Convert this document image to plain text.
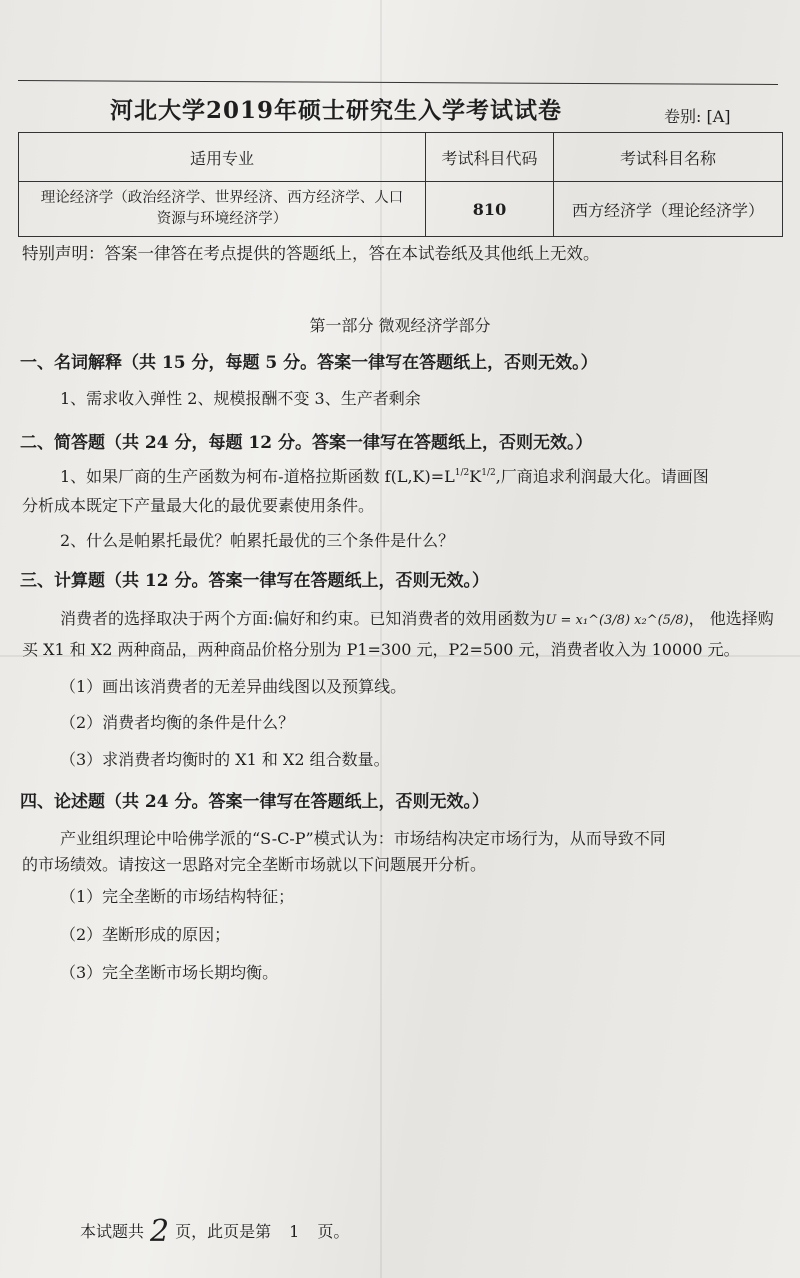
河北大学2019年硕士研究生入学考试试卷	卷别: [A]
适用专业	考试科目代码	考试科目名称
理论经济学（政治经济学、世界经济、西方经济学、人口
资源与环境经济学）	810	西方经济学（理论经济学）
特别声明：答案一律答在考点提供的答题纸上，答在本试卷纸及其他纸上无效。
第一部分 微观经济学部分
一、名词解释（共 15 分，每题 5 分。答案一律写在答题纸上，否则无效。）
1、需求收入弹性 2、规模报酬不变 3、生产者剩余
二、简答题（共 24 分，每题 12 分。答案一律写在答题纸上，否则无效。）
1、如果厂商的生产函数为柯布-道格拉斯函数 $f(L,K)=L^{1/2}K^{1/2}$,厂商追求利润最大化。请画图
分析成本既定下产量最大化的最优要素使用条件。
2、什么是帕累托最优？帕累托最优的三个条件是什么？
三、计算题（共 12 分。答案一律写在答题纸上，否则无效。）
消费者的选择取决于两个方面:偏好和约束。已知消费者的效用函数为U = x₁^(3/8) x₂^(5/8)， 他选择购
买 X1 和 X2 两种商品，两种商品价格分别为 P1=300 元，P2=500 元，消费者收入为 10000 元。
（1）画出该消费者的无差异曲线图以及预算线。
（2）消费者均衡的条件是什么？
（3）求消费者均衡时的 X1 和 X2 组合数量。
四、论述题（共 24 分。答案一律写在答题纸上，否则无效。）
产业组织理论中哈佛学派的“S-C-P”模式认为：市场结构决定市场行为，从而导致不同
的市场绩效。请按这一思路对完全垄断市场就以下问题展开分析。
（1）完全垄断的市场结构特征；
（2）垄断形成的原因；
（3）完全垄断市场长期均衡。
本试题共 2 页，此页是第 1 页。
